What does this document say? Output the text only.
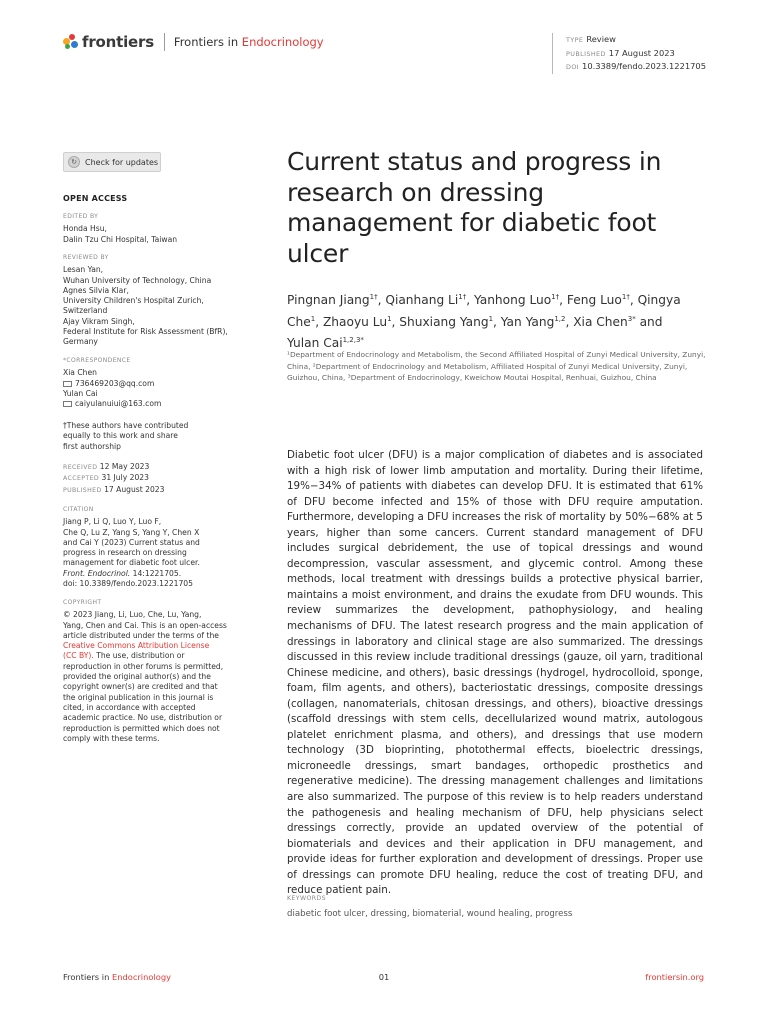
frontiers Frontiers in Endocrinology	TYPE Review
PUBLISHED 17 August 2023
DOI 10.3389/fendo.2023.1221705
↻	Check for updates
OPEN ACCESS
EDITED BY
Honda Hsu,
Dalin Tzu Chi Hospital, Taiwan
REVIEWED BY
Lesan Yan,
Wuhan University of Technology, China
Agnes Silvia Klar,
University Children's Hospital Zurich,
Switzerland
Ajay Vikram Singh,
Federal Institute for Risk Assessment (BfR),
Germany
*CORRESPONDENCE
Xia Chen
736469203@qq.com
Yulan Cai
caiyulanuiui@163.com
†These authors have contributed
equally to this work and share
first authorship
RECEIVED 12 May 2023
ACCEPTED 31 July 2023
PUBLISHED 17 August 2023
CITATION
Jiang P, Li Q, Luo Y, Luo F,
Che Q, Lu Z, Yang S, Yang Y, Chen X
and Cai Y (2023) Current status and
progress in research on dressing
management for diabetic foot ulcer.
Front. Endocrinol. 14:1221705.
doi: 10.3389/fendo.2023.1221705
COPYRIGHT
© 2023 Jiang, Li, Luo, Che, Lu, Yang,
Yang, Chen and Cai. This is an open-access
article distributed under the terms of the
Creative Commons Attribution License
(CC BY). The use, distribution or
reproduction in other forums is permitted,
provided the original author(s) and the
copyright owner(s) are credited and that
the original publication in this journal is
cited, in accordance with accepted
academic practice. No use, distribution or
reproduction is permitted which does not
comply with these terms.
Current status and progress in research on dressing management for diabetic foot ulcer
Pingnan Jiang$^{1\dagger}$, Qianhang $Li^{1\dagger}$, Yanhong Luo$^{1\dagger}$, Feng Luo$^{1\dagger}$, Qingya Che$^1$, Zhaoyu Lu$^1$, Shuxiang Yang$^1$, Yan Yang$^{1,2}$, Xia Chen$^{3*}$ and Yulan Cai$^{1,2,3*}$
¹Department of Endocrinology and Metabolism, the Second Affiliated Hospital of Zunyi Medical University, Zunyi, China, ²Department of Endocrinology and Metabolism, Affiliated Hospital of Zunyi Medical University, Zunyi, Guizhou, China, ³Department of Endocrinology, Kweichow Moutai Hospital, Renhuai, Guizhou, China
Diabetic foot ulcer (DFU) is a major complication of diabetes and is associated with a high risk of lower limb amputation and mortality. During their lifetime, 19%−34% of patients with diabetes can develop DFU. It is estimated that 61% of DFU become infected and 15% of those with DFU require amputation. Furthermore, developing a DFU increases the risk of mortality by 50%−68% at 5 years, higher than some cancers. Current standard management of DFU includes surgical debridement, the use of topical dressings and wound decompression, vascular assessment, and glycemic control. Among these methods, local treatment with dressings builds a protective physical barrier, maintains a moist environment, and drains the exudate from DFU wounds. This review summarizes the development, pathophysiology, and healing mechanisms of DFU. The latest research progress and the main application of dressings in laboratory and clinical stage are also summarized. The dressings discussed in this review include traditional dressings (gauze, oil yarn, traditional Chinese medicine, and others), basic dressings (hydrogel, hydrocolloid, sponge, foam, film agents, and others), bacteriostatic dressings, composite dressings (collagen, nanomaterials, chitosan dressings, and others), bioactive dressings (scaffold dressings with stem cells, decellularized wound matrix, autologous platelet enrichment plasma, and others), and dressings that use modern technology (3D bioprinting, photothermal effects, bioelectric dressings, microneedle dressings, smart bandages, orthopedic prosthetics and regenerative medicine). The dressing management challenges and limitations are also summarized. The purpose of this review is to help readers understand the pathogenesis and healing mechanism of DFU, help physicians select dressings correctly, provide an updated overview of the potential of biomaterials and devices and their application in DFU management, and provide ideas for further exploration and development of dressings. Proper use of dressings can promote DFU healing, reduce the cost of treating DFU, and reduce patient pain.
KEYWORDS
diabetic foot ulcer, dressing, biomaterial, wound healing, progress
Frontiers in Endocrinology	01	frontiersin.org
